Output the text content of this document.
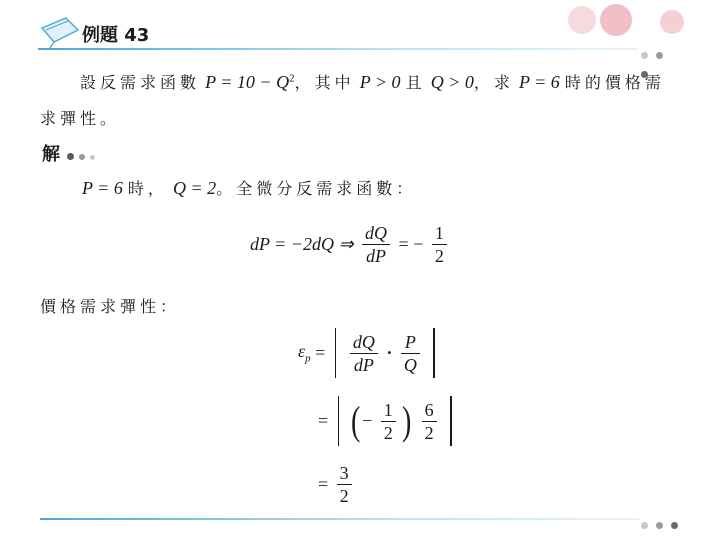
例題 43

設反需求函數 $P = 10 - Q^2$，其中 P > 0 且 Q > 0，求 P = 6 時的價格需
求彈性。
解
P = 6 時， Q = 2。全微分反需求函數：
dP = −2dQ ⇒ $\frac{dQ}{dP}$ = − $\frac{1}{2}$
價格需求彈性：
$\varepsilon_p = \frac{dQ}{dP} \cdot \frac{P}{Q}$

= ( − $\frac{1}{2}$ ) $\frac{6}{2}$

= $\frac{3}{2}$
